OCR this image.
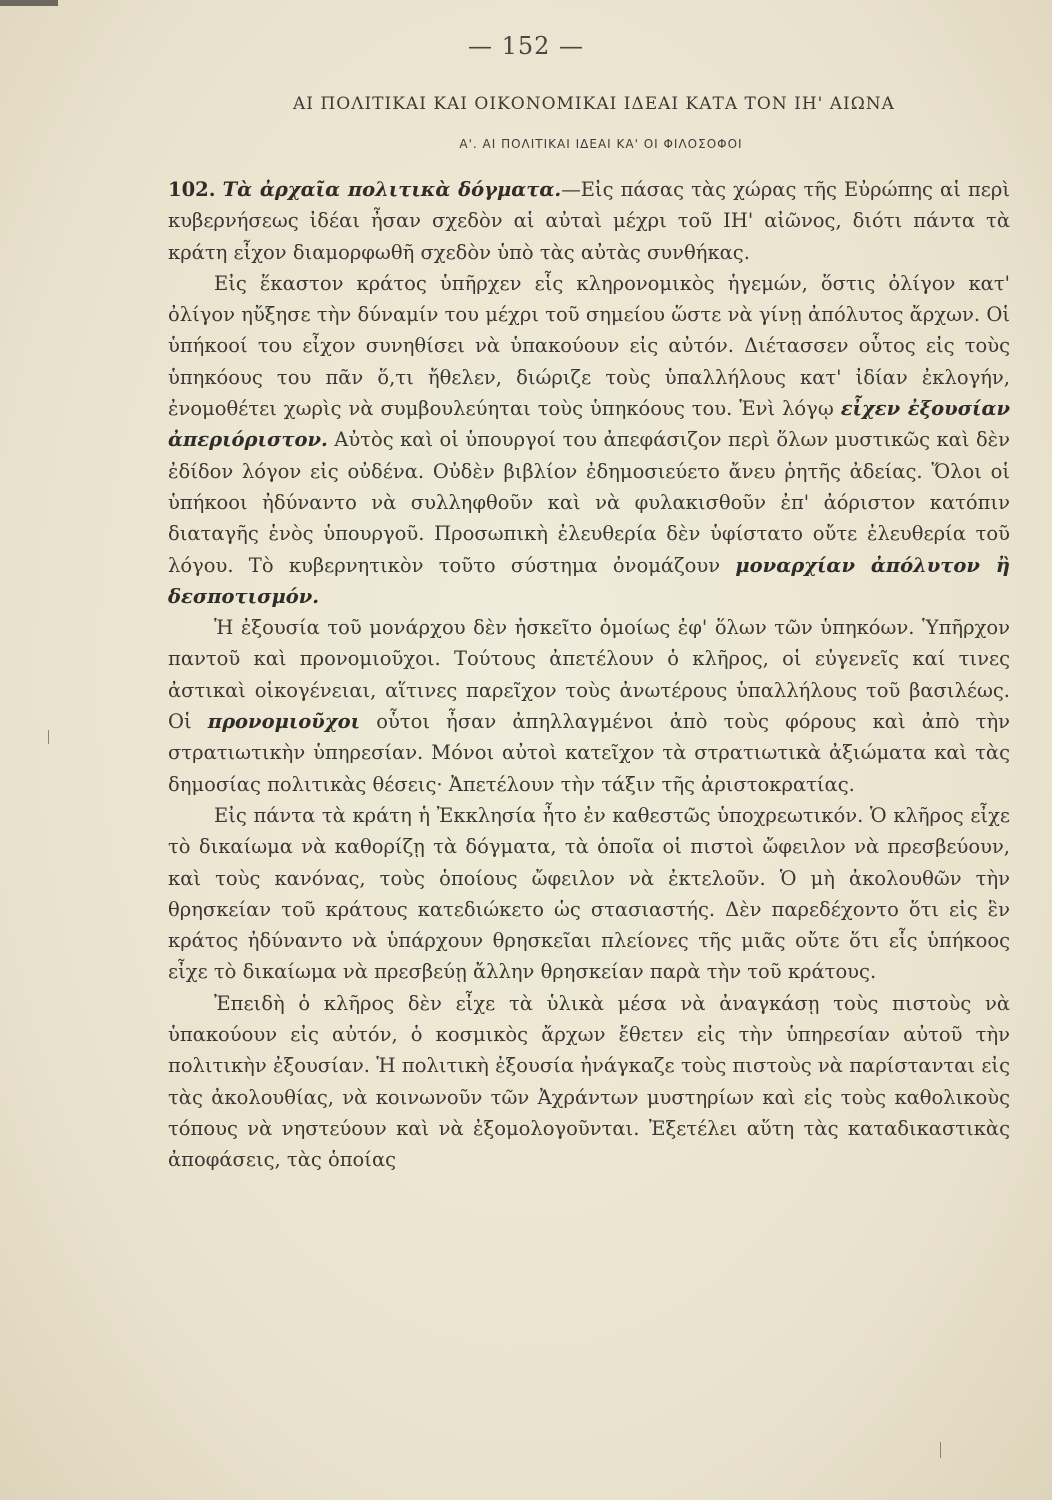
— 152 —
ΑΙ ΠΟΛΙΤΙΚΑΙ ΚΑΙ ΟΙΚΟΝΟΜΙΚΑΙ ΙΔΕΑΙ ΚΑΤΑ ΤΟΝ ΙΗ' ΑΙΩΝΑ
Α'. ΑΙ ΠΟΛΙΤΙΚΑΙ ΙΔΕΑΙ ΚΑ' ΟΙ ΦΙΛΟΣΟΦΟΙ

102. Τὰ ἀρχαῖα πολιτικὰ δόγματα.—Εἰς πάσας τὰς χώρας τῆς Εὐρώπης αἱ περὶ κυβερνήσεως ἰδέαι ἦσαν σχεδὸν αἱ αὐταὶ μέχρι τοῦ ΙΗ' αἰῶνος, διότι πάντα τὰ κράτη εἶχον διαμορφωθῆ σχεδὸν ὑπὸ τὰς αὐτὰς συνθήκας.

Εἰς ἕκαστον κράτος ὑπῆρχεν εἷς κληρονομικὸς ἡγεμών, ὅστις ὀλίγον κατ' ὀλίγον ηὔξησε τὴν δύναμίν του μέχρι τοῦ σημείου ὥστε νὰ γίνῃ ἀπόλυτος ἄρχων. Οἱ ὑπήκοοί του εἶχον συνηθίσει νὰ ὑπακούουν εἰς αὐτόν. Διέτασσεν οὗτος εἰς τοὺς ὑπηκόους του πᾶν ὅ,τι ἤθελεν, διώριζε τοὺς ὑπαλλήλους κατ' ἰδίαν ἐκλογήν, ἐνομοθέτει χωρὶς νὰ συμβουλεύηται τοὺς ὑπηκόους του. Ἑνὶ λόγῳ εἶχεν ἐξουσίαν ἀπεριόριστον. Αὐτὸς καὶ οἱ ὑπουργοί του ἀπεφάσιζον περὶ ὅλων μυστικῶς καὶ δὲν ἐδίδον λόγον εἰς οὐδένα. Οὐδὲν βιβλίον ἐδημοσιεύετο ἄνευ ῥητῆς ἀδείας. Ὅλοι οἱ ὑπήκοοι ἠδύναντο νὰ συλληφθοῦν καὶ νὰ φυλακισθοῦν ἐπ' ἀόριστον κατόπιν διαταγῆς ἑνὸς ὑπουργοῦ. Προσωπικὴ ἐλευθερία δὲν ὑφίστατο οὔτε ἐλευθερία τοῦ λόγου. Τὸ κυβερνητικὸν τοῦτο σύστημα ὀνομάζουν μοναρχίαν ἀπόλυτον ἢ δεσποτισμόν.

Ἡ ἐξουσία τοῦ μονάρχου δὲν ἠσκεῖτο ὁμοίως ἐφ' ὅλων τῶν ὑπηκόων. Ὑπῆρχον παντοῦ καὶ προνομιοῦχοι. Τούτους ἀπετέλουν ὁ κλῆρος, οἱ εὐγενεῖς καί τινες ἀστικαὶ οἰκογένειαι, αἵτινες παρεῖχον τοὺς ἀνωτέρους ὑπαλλήλους τοῦ βασιλέως. Οἱ προνομιοῦχοι οὗτοι ἦσαν ἀπηλλαγμένοι ἀπὸ τοὺς φόρους καὶ ἀπὸ τὴν στρατιωτικὴν ὑπηρεσίαν. Μόνοι αὐτοὶ κατεῖχον τὰ στρατιωτικὰ ἀξιώματα καὶ τὰς δημοσίας πολιτικὰς θέσεις· Ἀπετέλουν τὴν τάξιν τῆς ἀριστοκρατίας.

Εἰς πάντα τὰ κράτη ἡ Ἐκκλησία ἦτο ἐν καθεστῶς ὑποχρεωτικόν. Ὁ κλῆρος εἶχε τὸ δικαίωμα νὰ καθορίζῃ τὰ δόγματα, τὰ ὁποῖα οἱ πιστοὶ ὤφειλον νὰ πρεσβεύουν, καὶ τοὺς κανόνας, τοὺς ὁποίους ὤφειλον νὰ ἐκτελοῦν. Ὁ μὴ ἀκολουθῶν τὴν θρησκείαν τοῦ κράτους κατεδιώκετο ὡς στασιαστής. Δὲν παρεδέχοντο ὅτι εἰς ἓν κράτος ἠδύναντο νὰ ὑπάρχουν θρησκεῖαι πλείονες τῆς μιᾶς οὔτε ὅτι εἷς ὑπήκοος εἶχε τὸ δικαίωμα νὰ πρεσβεύῃ ἄλλην θρησκείαν παρὰ τὴν τοῦ κράτους.

Ἐπειδὴ ὁ κλῆρος δὲν εἶχε τὰ ὑλικὰ μέσα νὰ ἀναγκάσῃ τοὺς πιστοὺς νὰ ὑπακούουν εἰς αὐτόν, ὁ κοσμικὸς ἄρχων ἔθετεν εἰς τὴν ὑπηρεσίαν αὐτοῦ τὴν πολιτικὴν ἐξουσίαν. Ἡ πολιτικὴ ἐξουσία ἠνάγκαζε τοὺς πιστοὺς νὰ παρίστανται εἰς τὰς ἀκολουθίας, νὰ κοινωνοῦν τῶν Ἀχράντων μυστηρίων καὶ εἰς τοὺς καθολικοὺς τόπους νὰ νηστεύουν καὶ νὰ ἐξομολογοῦνται. Ἐξετέλει αὕτη τὰς καταδικαστικὰς ἀποφάσεις, τὰς ὁποίας
